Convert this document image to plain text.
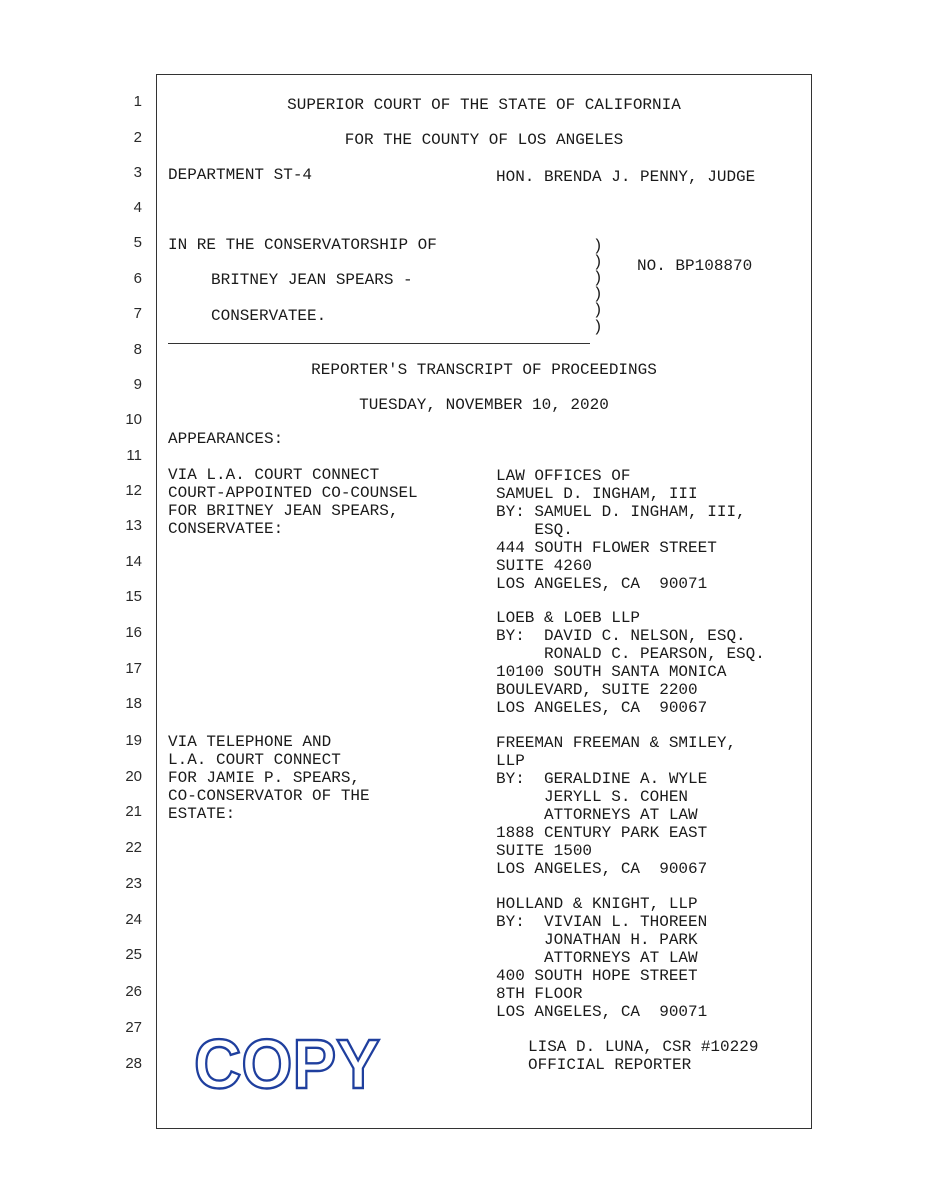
1
2
3
4
5
6
7
8
9
10
11
12
13
14
15
16
17
18
19
20
21
22
23
24
25
26
27
28
SUPERIOR COURT OF THE STATE OF CALIFORNIA
FOR THE COUNTY OF LOS ANGELES
DEPARTMENT ST-4	HON. BRENDA J. PENNY, JUDGE
IN RE THE CONSERVATORSHIP OF
BRITNEY JEAN SPEARS -
CONSERVATEE.
)
)
)
)
)
)
NO. BP108870
REPORTER'S TRANSCRIPT OF PROCEEDINGS
TUESDAY, NOVEMBER 10, 2020
APPEARANCES:
VIA L.A. COURT CONNECT
COURT-APPOINTED CO-COUNSEL
FOR BRITNEY JEAN SPEARS,
CONSERVATEE:
LAW OFFICES OF
SAMUEL D. INGHAM, III
BY: SAMUEL D. INGHAM, III,
ESQ.
444 SOUTH FLOWER STREET
SUITE 4260
LOS ANGELES, CA  90071
LOEB & LOEB LLP
BY:  DAVID C. NELSON, ESQ.
RONALD C. PEARSON, ESQ.
10100 SOUTH SANTA MONICA
BOULEVARD, SUITE 2200
LOS ANGELES, CA  90067
VIA TELEPHONE AND
L.A. COURT CONNECT
FOR JAMIE P. SPEARS,
CO-CONSERVATOR OF THE
ESTATE:
FREEMAN FREEMAN & SMILEY,
LLP
BY:  GERALDINE A. WYLE
JERYLL S. COHEN
ATTORNEYS AT LAW
1888 CENTURY PARK EAST
SUITE 1500
LOS ANGELES, CA  90067
HOLLAND & KNIGHT, LLP
BY:  VIVIAN L. THOREEN
JONATHAN H. PARK
ATTORNEYS AT LAW
400 SOUTH HOPE STREET
8TH FLOOR
LOS ANGELES, CA  90071
COPY	LISA D. LUNA, CSR #10229
OFFICIAL REPORTER
